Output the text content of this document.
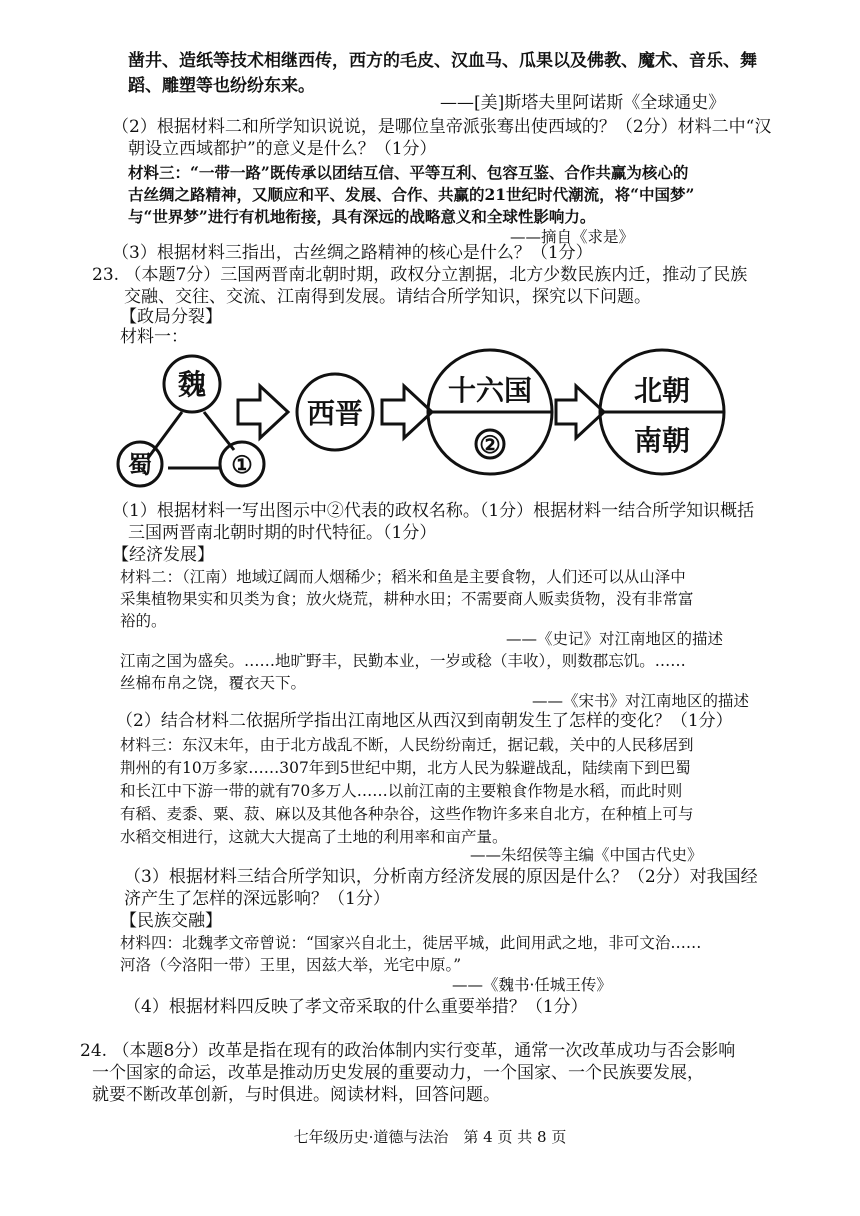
凿井、造纸等技术相继西传，西方的毛皮、汉血马、瓜果以及佛教、魔术、音乐、舞
蹈、雕塑等也纷纷东来。
——[美]斯塔夫里阿诺斯《全球通史》
（2）根据材料二和所学知识说说，是哪位皇帝派张骞出使西域的？（2分）材料二中“汉
朝设立西域都护”的意义是什么？（1分）
材料三：“一带一路”既传承以团结互信、平等互利、包容互鉴、合作共赢为核心的
古丝绸之路精神，又顺应和平、发展、合作、共赢的21世纪时代潮流，将“中国梦”
与“世界梦”进行有机地衔接，具有深远的战略意义和全球性影响力。
——摘自《求是》
（3）根据材料三指出，古丝绸之路精神的核心是什么？（1分）
23. （本题7分）三国两晋南北朝时期，政权分立割据，北方少数民族内迁，推动了民族
交融、交往、交流、江南得到发展。请结合所学知识，探究以下问题。
【政局分裂】
材料一：
魏
蜀	①
西晋
十六国
②
北朝
南朝
（1）根据材料一写出图示中②代表的政权名称。（1分）根据材料一结合所学知识概括
三国两晋南北朝时期的时代特征。（1分）
【经济发展】
材料二：（江南）地域辽阔而人烟稀少；稻米和鱼是主要食物，人们还可以从山泽中
采集植物果实和贝类为食；放火烧荒，耕种水田；不需要商人贩卖货物，没有非常富
裕的。
——《史记》对江南地区的描述
江南之国为盛矣。……地旷野丰，民勤本业，一岁或稔（丰收），则数郡忘饥。……
丝棉布帛之饶，覆衣天下。
——《宋书》对江南地区的描述
（2）结合材料二依据所学指出江南地区从西汉到南朝发生了怎样的变化？（1分）
材料三：东汉末年，由于北方战乱不断，人民纷纷南迁，据记载，关中的人民移居到
荆州的有10万多家……307年到5世纪中期，北方人民为躲避战乱，陆续南下到巴蜀
和长江中下游一带的就有70多万人……以前江南的主要粮食作物是水稻，而此时则
有稻、麦黍、粟、菽、麻以及其他各种杂谷，这些作物许多来自北方，在种植上可与
水稻交相进行，这就大大提高了土地的利用率和亩产量。
——朱绍侯等主编《中国古代史》
（3）根据材料三结合所学知识，分析南方经济发展的原因是什么？（2分）对我国经
济产生了怎样的深远影响？（1分）
【民族交融】
材料四：北魏孝文帝曾说：“国家兴自北土，徙居平城，此间用武之地，非可文治……
河洛（今洛阳一带）王里，因兹大举，光宅中原。”
——《魏书·任城王传》
（4）根据材料四反映了孝文帝采取的什么重要举措？（1分）
24. （本题8分）改革是指在现有的政治体制内实行变革，通常一次改革成功与否会影响
一个国家的命运，改革是推动历史发展的重要动力，一个国家、一个民族要发展，
就要不断改革创新，与时俱进。阅读材料，回答问题。
七年级历史·道德与法治　第 4 页 共 8 页
